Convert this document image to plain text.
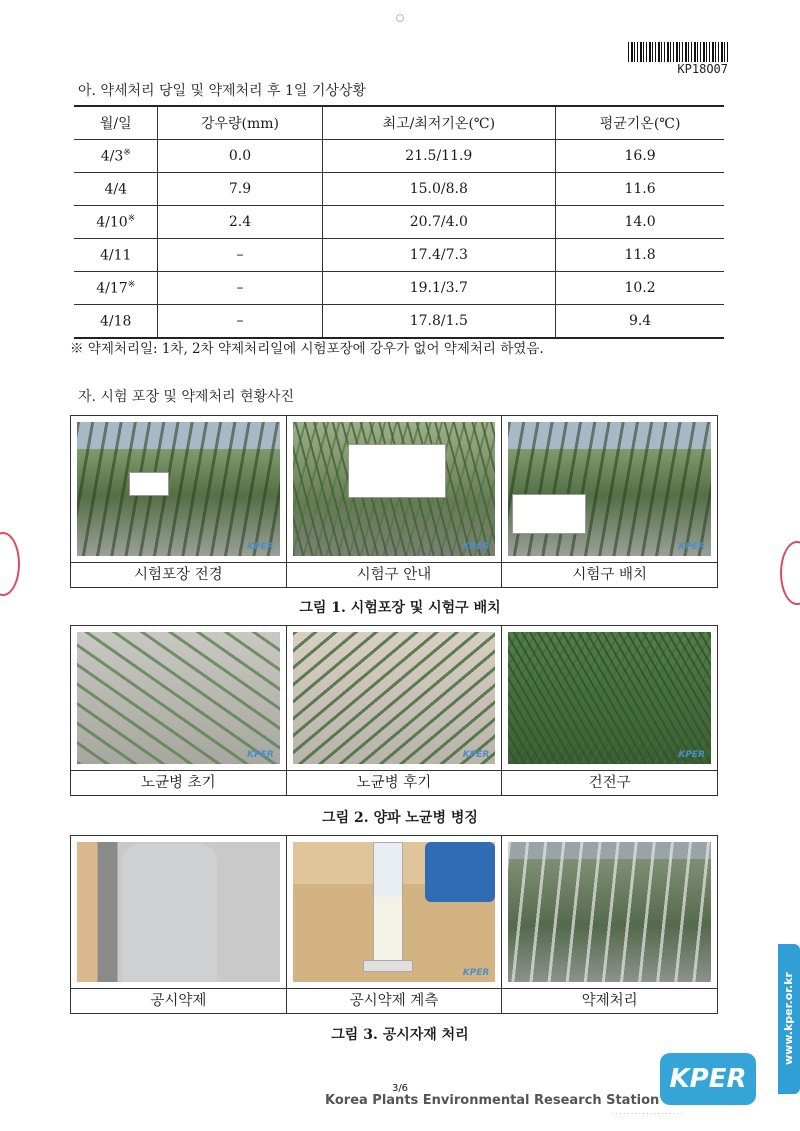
KP18O07
아. 약세처리 당일 및 약제처리 후 1일 기상상황
월/일	강우량(mm)	최고/최저기온(℃)	평균기온(℃)
4/3※	0.0	21.5/11.9	16.9
4/4	7.9	15.0/8.8	11.6
4/10※	2.4	20.7/4.0	14.0
4/11	–	17.4/7.3	11.8
4/17※	–	19.1/3.7	10.2
4/18	–	17.8/1.5	9.4
※ 약제처리일: 1차, 2차 약제처리일에 시험포장에 강우가 없어 약제처리 하였음.
자. 시험 포장 및 약제처리 현황사진
KPER	KPER	KPER
시험포장 전경	시험구 안내	시험구 배치
그림 1. 시험포장 및 시험구 배치
KPER	KPER	KPER
노균병 초기	노균병 후기	건전구
그림 2. 양파 노균병 병징
KPER
공시약제	공시약제 계측	약제처리
그림 3. 공시자재 처리
3/6
Korea Plants Environmental Research Station
KPER
· · · · · · · · · · · · · · · · · · ·
www.kper.or.kr
